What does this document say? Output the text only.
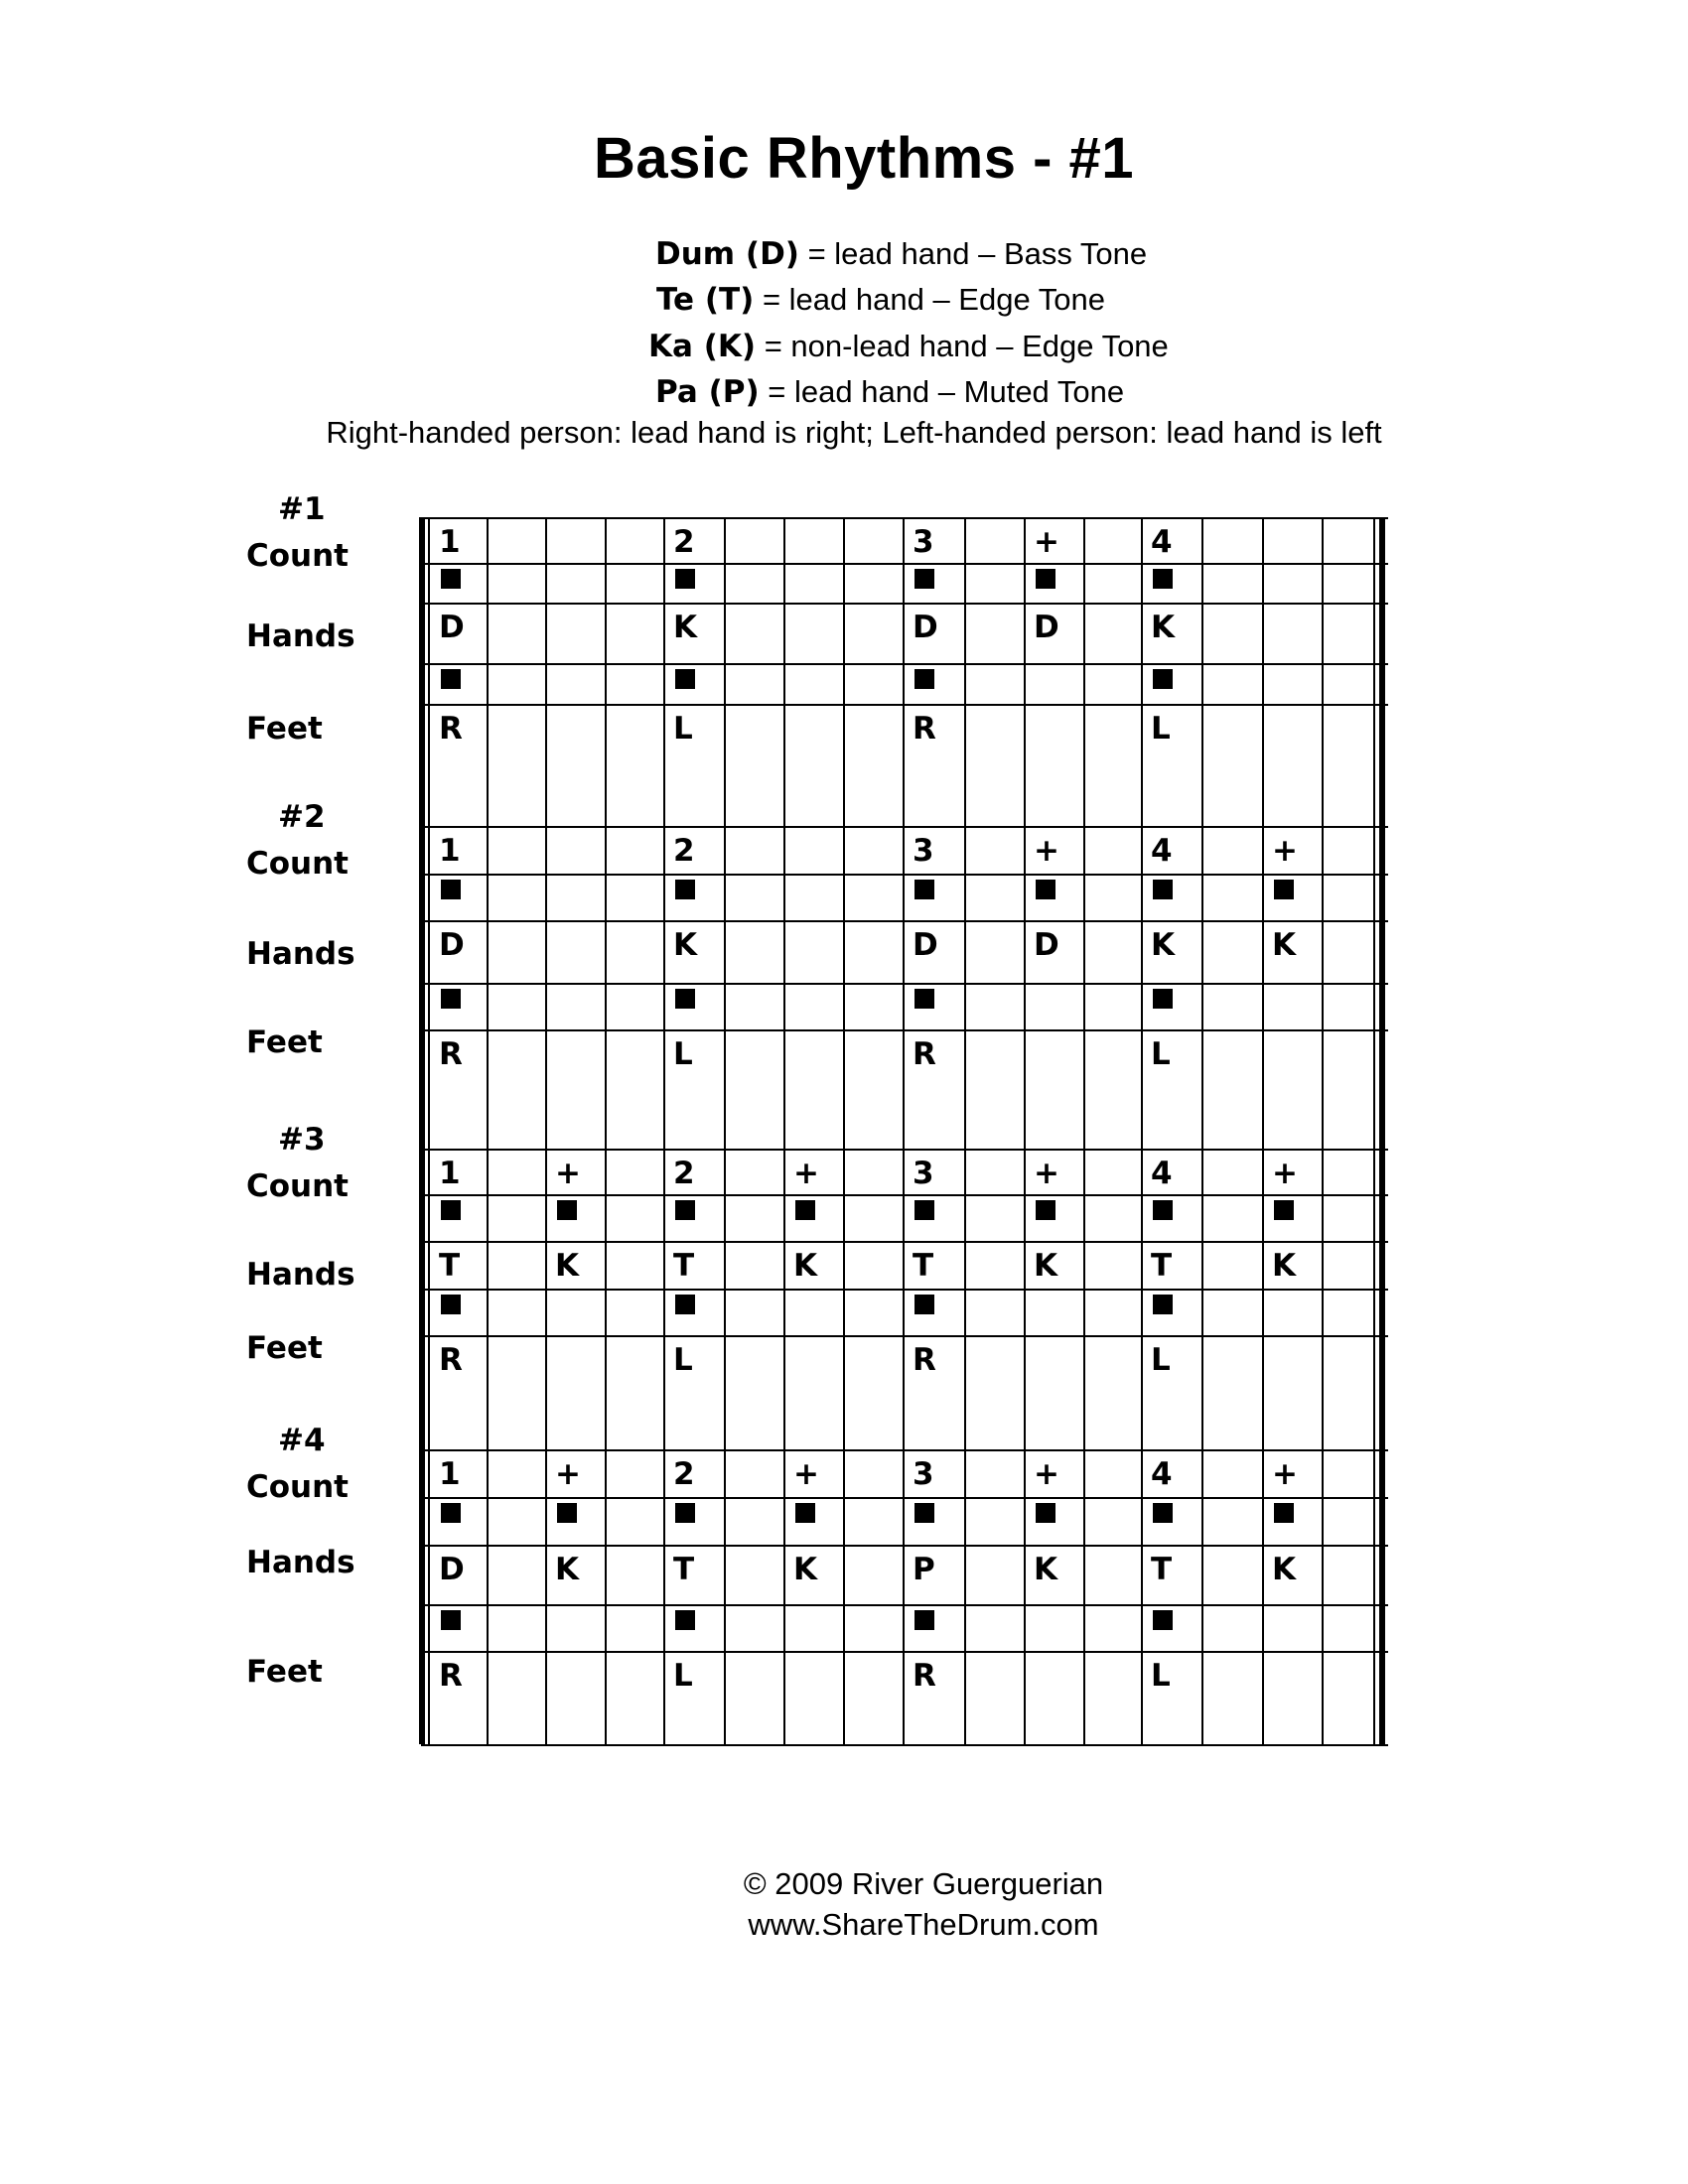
Basic Rhythms - #1
Dum (D) = lead hand – Bass Tone
Te (T) = lead hand – Edge Tone
Ka (K) = non-lead hand – Edge Tone
Pa (P) = lead hand – Muted Tone
Right-handed person: lead hand is right; Left-handed person: lead hand is left
#1
Count
Hands
Feet
1
D
R
2
K
L
3
D
R
+
D
4
K
L
#2
Count
Hands
Feet
1
D
R
2
K
L
3
D
R
+
D
4
K
L
+
K
#3
Count
Hands
Feet
1
T
R
+
K
2
T
L
+
K
3
T
R
+
K
4
T
L
+
K
#4
Count
Hands
Feet
1
D
R
+
K
2
T
L
+
K
3
P
R
+
K
4
T
L
+
K
© 2009 River Guerguerian
www.ShareTheDrum.com
